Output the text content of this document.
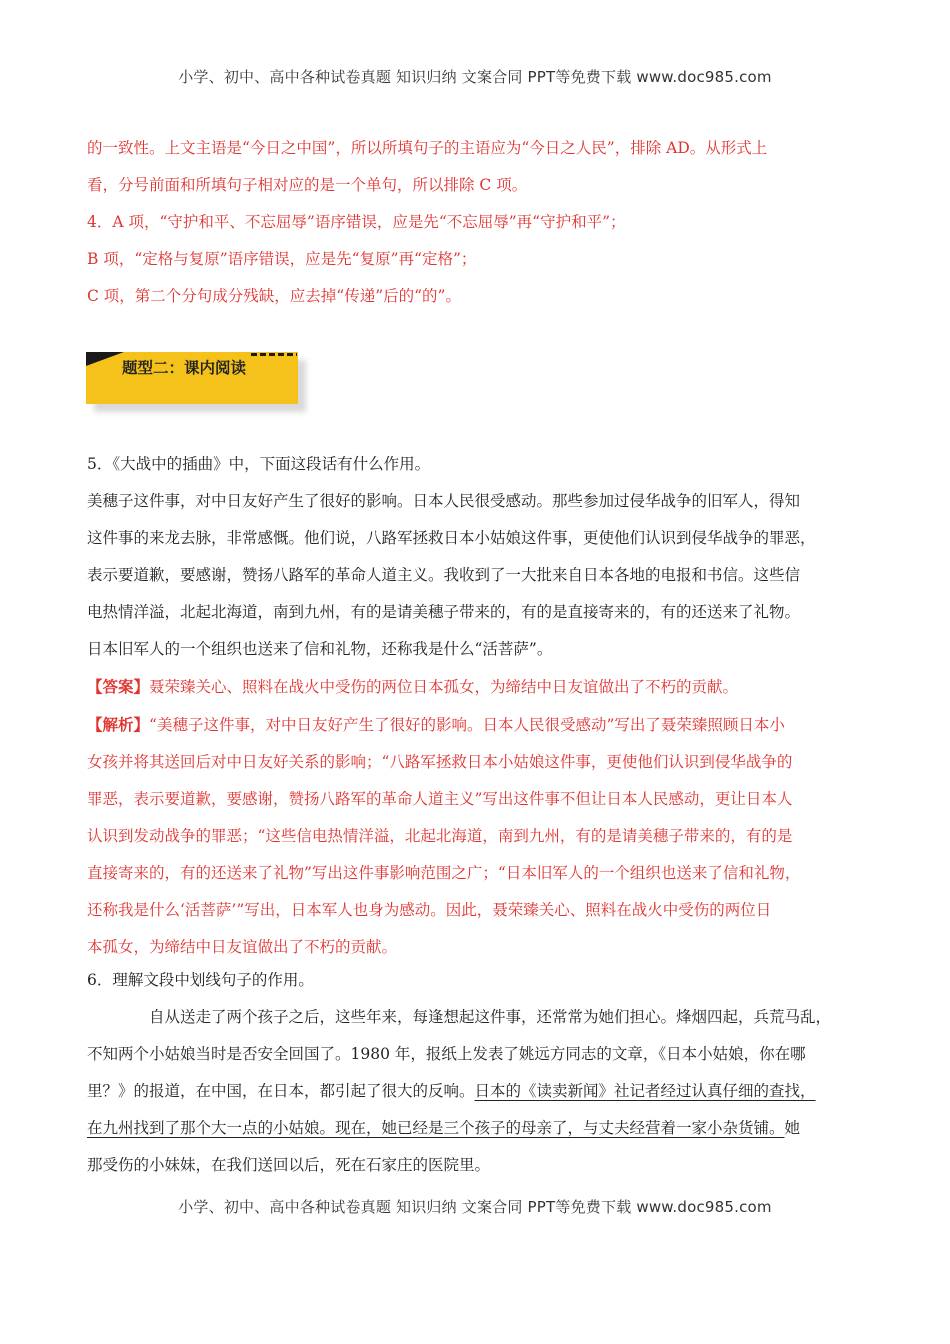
小学、初中、高中各种试卷真题 知识归纳 文案合同 PPT等免费下载 www.doc985.com
的一致性。上文主语是“今日之中国”，所以所填句子的主语应为“今日之人民”，排除 AD。从形式上
看，分号前面和所填句子相对应的是一个单句，所以排除 C 项。
4．A 项，“守护和平、不忘屈辱”语序错误，应是先“不忘屈辱”再“守护和平”；
B 项，“定格与复原”语序错误，应是先“复原”再“定格”；
C 项，第二个分句成分残缺，应去掉“传递”后的“的”。
题型二：课内阅读
5．《大战中的插曲》中，下面这段话有什么作用。
美穗子这件事，对中日友好产生了很好的影响。日本人民很受感动。那些参加过侵华战争的旧军人，得知
这件事的来龙去脉，非常感慨。他们说，八路军拯救日本小姑娘这件事，更使他们认识到侵华战争的罪恶，
表示要道歉，要感谢，赞扬八路军的革命人道主义。我收到了一大批来自日本各地的电报和书信。这些信
电热情洋溢，北起北海道，南到九州，有的是请美穗子带来的，有的是直接寄来的，有的还送来了礼物。
日本旧军人的一个组织也送来了信和礼物，还称我是什么“活菩萨”。
【答案】聂荣臻关心、照料在战火中受伤的两位日本孤女，为缔结中日友谊做出了不朽的贡献。
【解析】“美穗子这件事，对中日友好产生了很好的影响。日本人民很受感动”写出了聂荣臻照顾日本小
女孩并将其送回后对中日友好关系的影响；“八路军拯救日本小姑娘这件事，更使他们认识到侵华战争的
罪恶，表示要道歉，要感谢，赞扬八路军的革命人道主义”写出这件事不但让日本人民感动，更让日本人
认识到发动战争的罪恶；“这些信电热情洋溢，北起北海道，南到九州，有的是请美穗子带来的，有的是
直接寄来的，有的还送来了礼物”写出这件事影响范围之广；“日本旧军人的一个组织也送来了信和礼物，
还称我是什么‘活菩萨’”写出，日本军人也身为感动。因此，聂荣臻关心、照料在战火中受伤的两位日
本孤女，为缔结中日友谊做出了不朽的贡献。
6．理解文段中划线句子的作用。
自从送走了两个孩子之后，这些年来，每逢想起这件事，还常常为她们担心。烽烟四起，兵荒马乱，
不知两个小姑娘当时是否安全回国了。1980 年，报纸上发表了姚远方同志的文章，《日本小姑娘，你在哪
里？》的报道，在中国，在日本，都引起了很大的反响。日本的《读卖新闻》社记者经过认真仔细的查找，
在九州找到了那个大一点的小姑娘。现在，她已经是三个孩子的母亲了，与丈夫经营着一家小杂货铺。她
那受伤的小妹妹，在我们送回以后，死在石家庄的医院里。
小学、初中、高中各种试卷真题 知识归纳 文案合同 PPT等免费下载 www.doc985.com
